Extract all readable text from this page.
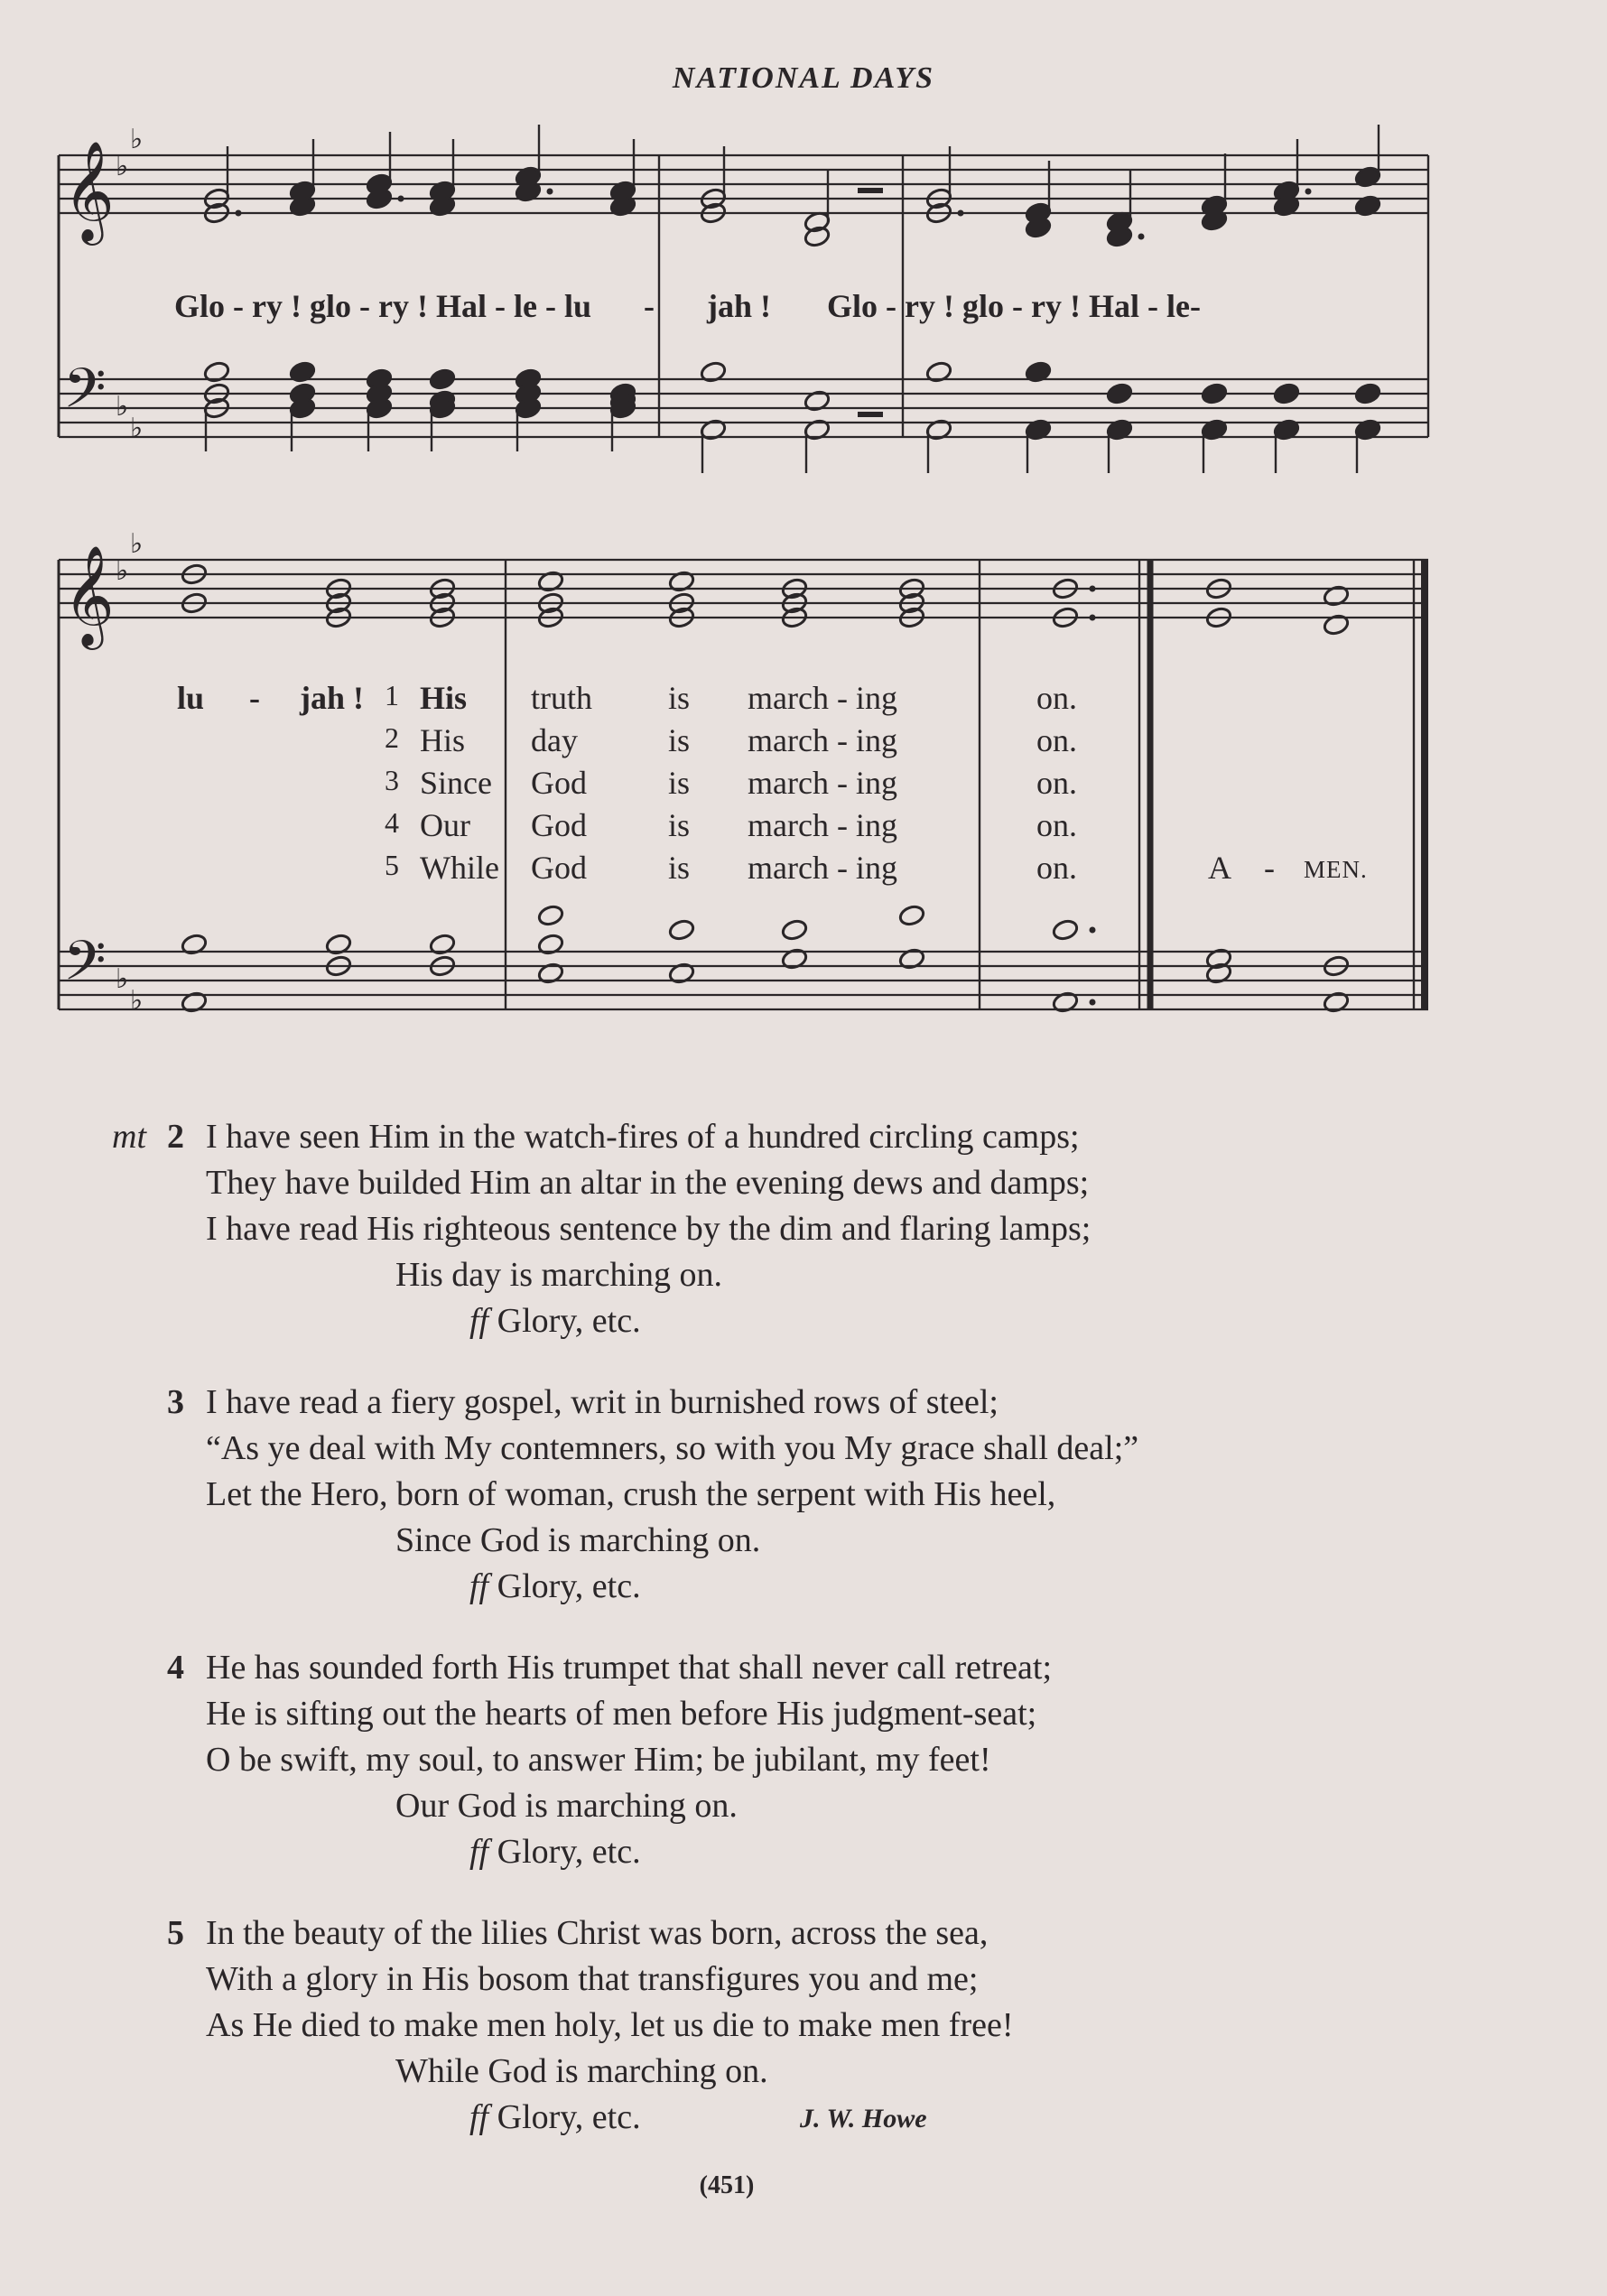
NATIONAL DAYS
𝄞
𝄢
𝄞
𝄢
♭
♭
♭
♭
♭
♭
♭
♭
Glo - ry ! glo - ry ! Hal - le - lu - jah ! Glo - ry ! glo - ry ! Hal - le-
lu - jah ! 1 His truth is march - ing	on.
2 His day	is march - ing	on.
3 Since God	is march - ing	on.
4 Our God	is march - ing	on.
5 While God	is march - ing	on.	A - MEN.
mt 2 I have seen Him in the watch-fires of a hundred circling camps;
They have builded Him an altar in the evening dews and damps;
I have read His righteous sentence by the dim and flaring lamps;
His day is marching on.
ff Glory, etc.
3 I have read a fiery gospel, writ in burnished rows of steel;
“As ye deal with My contemners, so with you My grace shall deal;”
Let the Hero, born of woman, crush the serpent with His heel,
Since God is marching on.
ff Glory, etc.
4 He has sounded forth His trumpet that shall never call retreat;
He is sifting out the hearts of men before His judgment-seat;
O be swift, my soul, to answer Him; be jubilant, my feet!
Our God is marching on.
ff Glory, etc.
5 In the beauty of the lilies Christ was born, across the sea,
With a glory in His bosom that transfigures you and me;
As He died to make men holy, let us die to make men free!
While God is marching on.
ff Glory, etc.	J. W. Howe
(451)
